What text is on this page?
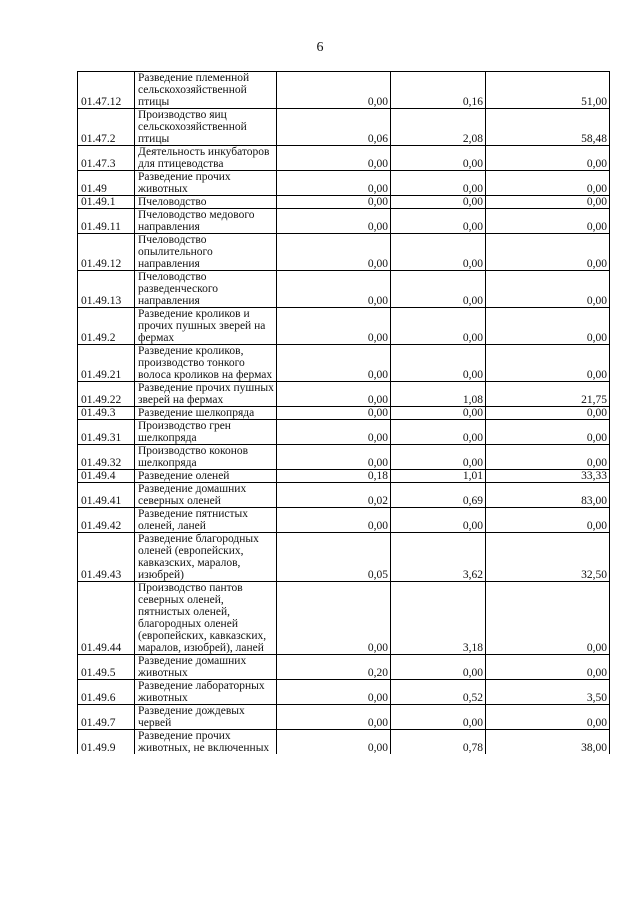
6
01.47.12	Разведение племенной сельскохозяйственной птицы	0,00	0,16	51,00
01.47.2	Производство яиц сельскохозяйственной птицы	0,06	2,08	58,48
01.47.3	Деятельность инкубаторов для птицеводства	0,00	0,00	0,00
01.49	Разведение прочих животных	0,00	0,00	0,00
01.49.1	Пчеловодство	0,00	0,00	0,00
01.49.11	Пчеловодство медового направления	0,00	0,00	0,00
01.49.12	Пчеловодство опылительного направления	0,00	0,00	0,00
01.49.13	Пчеловодство разведенческого направления	0,00	0,00	0,00
01.49.2	Разведение кроликов и прочих пушных зверей на фермах	0,00	0,00	0,00
01.49.21	Разведение кроликов, производство тонкого волоса кроликов на фермах	0,00	0,00	0,00
01.49.22	Разведение прочих пушных зверей на фермах	0,00	1,08	21,75
01.49.3	Разведение шелкопряда	0,00	0,00	0,00
01.49.31	Производство грен шелкопряда	0,00	0,00	0,00
01.49.32	Производство коконов шелкопряда	0,00	0,00	0,00
01.49.4	Разведение оленей	0,18	1,01	33,33
01.49.41	Разведение домашних северных оленей	0,02	0,69	83,00
01.49.42	Разведение пятнистых оленей, ланей	0,00	0,00	0,00
01.49.43	Разведение благородных оленей (европейских, кавказских, маралов, изюбрей)	0,05	3,62	32,50
01.49.44	Производство пантов северных оленей, пятнистых оленей, благородных оленей (европейских, кавказских, маралов, изюбрей), ланей	0,00	3,18	0,00
01.49.5	Разведение домашних животных	0,20	0,00	0,00
01.49.6	Разведение лабораторных животных	0,00	0,52	3,50
01.49.7	Разведение дождевых червей	0,00	0,00	0,00
01.49.9	Разведение прочих животных, не включенных	0,00	0,78	38,00
